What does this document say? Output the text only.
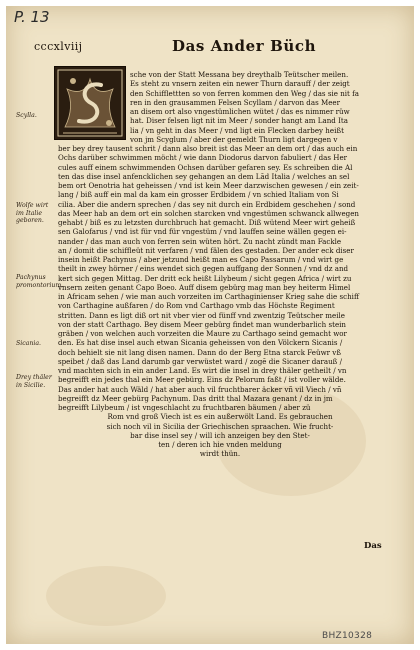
P. 13
cccxlviij	Das Ander Büch
sche von der Statt Messana bey dreythalb Teütscher meilen.
Es steht zu vnsern zeiten ein newer Thurn darauff / der zeigt
den Schifflettten so von ferren kommen den Weg / das sie nit fa
ren in den grausammen Felsen Scyllam / darvon das Meer
an disem ort also vngestümlichen wütet / das es nimmer rüw
hat. Diser felsen ligt nit im Meer / sonder hangt am Land Ita
lia / vn geht in das Meer / vnd ligt ein Flecken darbey heißt
von jm Scyglum / aber der gemeldt Thurn ligt dargegen v
ber bey drey tausent schrit / dann also breit ist das Meer an dem ort / das auch ein
Ochs darüber schwimmen möcht / wie dann Diodorus darvon fabuliert / das Her
cules auff einem schwimmenden Ochsen darüber gefaren sey. Es schreiben die Al
ten das dise insel anfencklichen sey gehangen an dem Lād Italia / welches an sel
bem ort Oenotria hat geheissen / vnd ist kein Meer darzwischen gewesen / ein zeit-
lang / biß auff ein mal da kam ein grosser Erdbidem / vn schied Italiam von Si
cilia. Aber die andern sprechen / das sey nit durch ein Erdbidem geschehen / sond
das Meer hab an dem ort ein solchen starcken vnd vngestümen schwanck allwegen
gehabt / biß es zu letzsten durchbruch hat gemacht. Diß wütend Meer wirt geheiß
sen Galofarus / vnd ist für vnd für vngestüm / vnd lauffen seine wällen gegen ei-
nander / das man auch von ferren sein wüten hört. Zu nacht zündt man Fackle
an / domit die schiffleüt nit verfaren / vnd fälen des gestaden. Der ander eck diser
insein heißt Pachynus / aber jetzund heißt man es Capo Passarum / vnd wirt ge
theilt in zwey hörner / eins wendet sich gegen auffgang der Sonnen / vnd dz and
kert sich gegen Mittag. Der dritt eck heißt Lilybeum / sicht gegen Africa / wirt zu
vnsern zeiten genant Capo Boeo. Auff disem gebürg mag man bey heiterm Himel
in Africam sehen / wie man auch vorzeiten im Carthaginienser Krieg sahe die schiff
von Carthagine außfaren / do Rom vnd Carthago vmb das Höchste Regiment
stritten. Dann es ligt diß ort nit vber vier od fünff vnd zwentzig Teütscher meile
von der statt Carthago. Bey disem Meer gebürg findet man wunderbarlich stein
gräben / von welchen auch vorzeiten die Maure zu Carthago seind gemacht wor
den. Es hat dise insel auch etwan Sicania geheissen von den Völckern Sicanis /
doch behielt sie nit lang disen namen. Dann do der Berg Etna starck Feüwr vß
speibet / daß das Land darumb gar verwüstet ward / zogē die Sicaner darauß /
vnd machten sich in ein ander Land. Es wirt die insel in drey thäler getheilt / vn
begreifft ein jedes thal ein Meer gebürg. Eins dz Pelorum faßt / ist voller wälde.
Das ander hat auch Wäld / hat aber auch vil fruchtbarer äcker vñ vil Viech / vñ
begreifft dz Meer gebürg Pachynum. Das dritt thal Mazara genant / dz in jm
begreifft Lilybeum / ist vngeschlacht zu fruchtbaren bäumen / aber zü
Rom vnd groß Viech ist es ein außerwölt Land. Es gebrauchen
sich noch vil in Sicilia der Griechischen spraachen. Wie frucht-
bar dise insel sey / will ich anzeigen bey den Stet-
ten / deren ich hie vnden meldung
wirdt thün.
Scylla.
Wolfe wirt im Italie geboren.
Pachynus promontorium.
Sicania.
Drey thäler in Sicilie.
Das
BHZ10328
